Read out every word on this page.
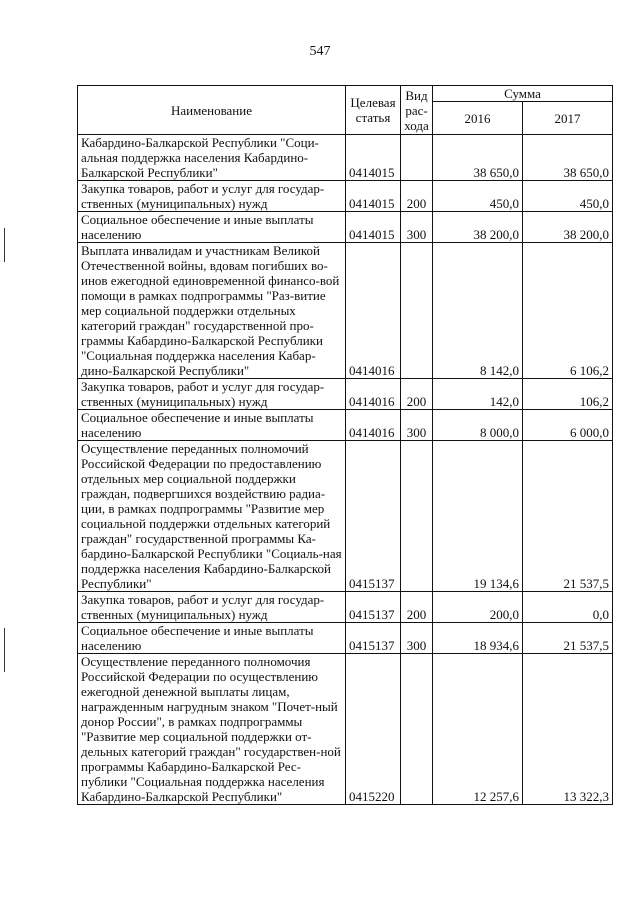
547
Наименование	Целевая статья	Вид рас-хода	Сумма	
			2016	2017
Кабардино-Балкарской Республики "Соци-альная поддержка населения Кабардино-Балкарской Республики"	0414015		38 650,0	38 650,0
Закупка товаров, работ и услуг для государ-ственных (муниципальных) нужд	0414015	200	450,0	450,0
Социальное обеспечение и иные выплаты населению	0414015	300	38 200,0	38 200,0
Выплата инвалидам и участникам Великой Отечественной войны, вдовам погибших во-инов ежегодной единовременной финансо-вой помощи в рамках подпрограммы "Раз-витие мер социальной поддержки отдельных категорий граждан" государственной про-граммы Кабардино-Балкарской Республики "Социальная поддержка населения Кабар-дино-Балкарской Республики"	0414016		8 142,0	6 106,2
Закупка товаров, работ и услуг для государ-ственных (муниципальных) нужд	0414016	200	142,0	106,2
Социальное обеспечение и иные выплаты населению	0414016	300	8 000,0	6 000,0
Осуществление переданных полномочий Российской Федерации по предоставлению отдельных мер социальной поддержки граждан, подвергшихся воздействию радиа-ции, в рамках подпрограммы "Развитие мер социальной поддержки отдельных категорий граждан" государственной программы Ка-бардино-Балкарской Республики "Социаль-ная поддержка населения Кабардино-Балкарской Республики"	0415137		19 134,6	21 537,5
Закупка товаров, работ и услуг для государ-ственных (муниципальных) нужд	0415137	200	200,0	0,0
Социальное обеспечение и иные выплаты населению	0415137	300	18 934,6	21 537,5
Осуществление переданного полномочия Российской Федерации по осуществлению ежегодной денежной выплаты лицам, награжденным нагрудным знаком "Почет-ный донор России", в рамках подпрограммы "Развитие мер социальной поддержки от-дельных категорий граждан" государствен-ной программы Кабардино-Балкарской Рес-публики "Социальная поддержка населения Кабардино-Балкарской Республики"	0415220		12 257,6	13 322,3
